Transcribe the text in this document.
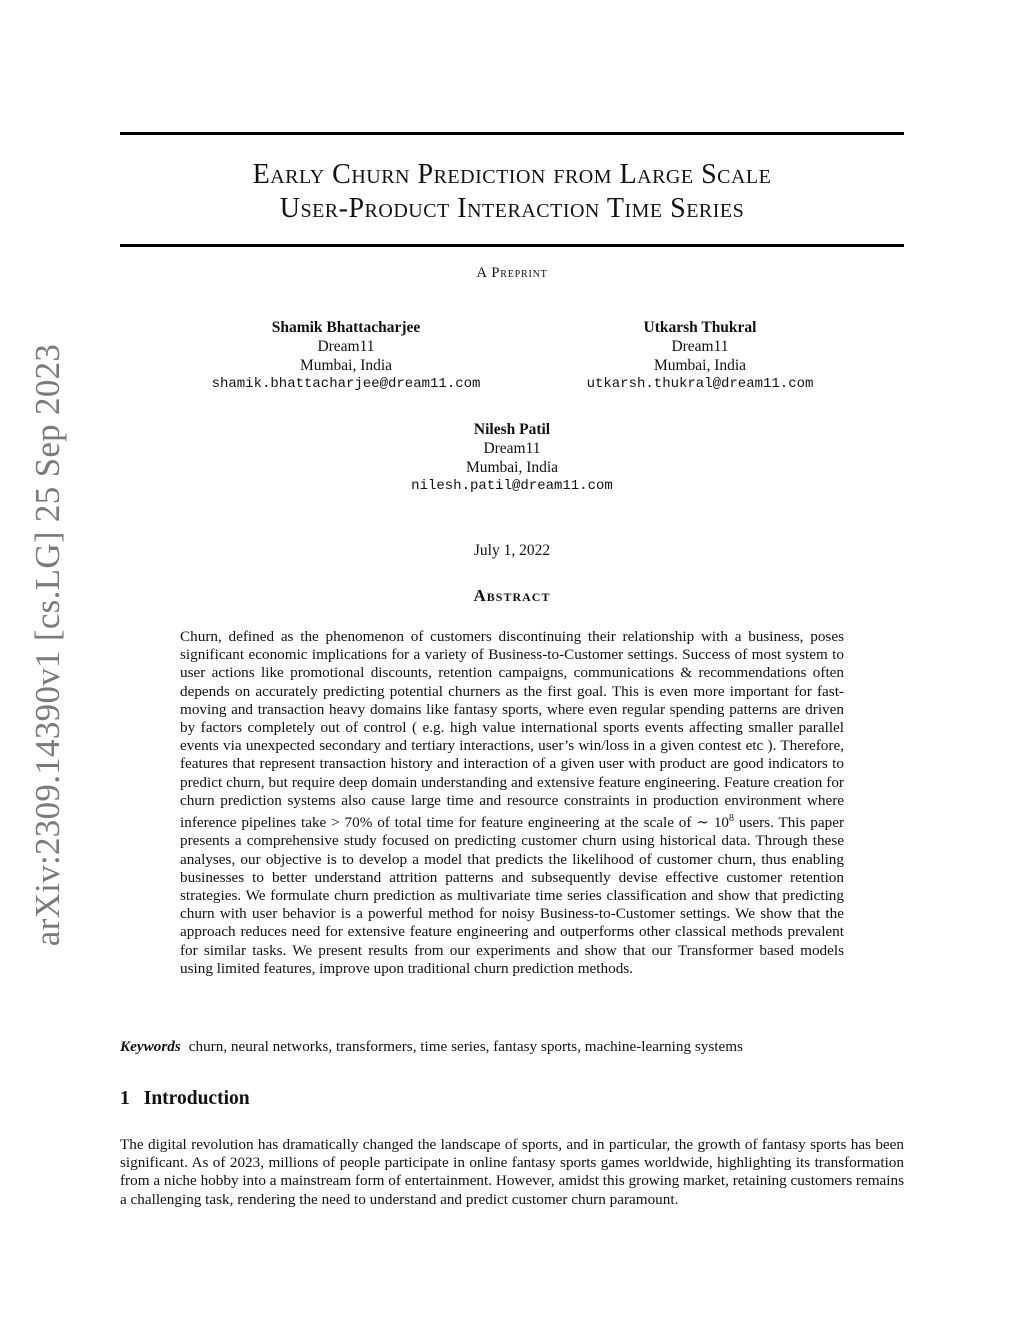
arXiv:2309.14390v1 [cs.LG] 25 Sep 2023
Early Churn Prediction from Large Scale
User-Product Interaction Time Series
A Preprint
Shamik Bhattacharjee
Dream11
Mumbai, India
shamik.bhattacharjee@dream11.com
Utkarsh Thukral
Dream11
Mumbai, India
utkarsh.thukral@dream11.com
Nilesh Patil
Dream11
Mumbai, India
nilesh.patil@dream11.com
July 1, 2022
Abstract
Churn, defined as the phenomenon of customers discontinuing their relationship with a business, poses significant economic implications for a variety of Business-to-Customer settings. Success of most system to user actions like promotional discounts, retention campaigns, communications & recommendations often depends on accurately predicting potential churners as the first goal. This is even more important for fast-moving and transaction heavy domains like fantasy sports, where even regular spending patterns are driven by factors completely out of control ( e.g. high value international sports events affecting smaller parallel events via unexpected secondary and tertiary interactions, user’s win/loss in a given contest etc ). Therefore, features that represent transaction history and interaction of a given user with product are good indicators to predict churn, but require deep domain understanding and extensive feature engineering. Feature creation for churn prediction systems also cause large time and resource constraints in production environment where inference pipelines take > 70% of total time for feature engineering at the scale of ∼ $10^8$ users. This paper presents a comprehensive study focused on predicting customer churn using historical data. Through these analyses, our objective is to develop a model that predicts the likelihood of customer churn, thus enabling businesses to better understand attrition patterns and subsequently devise effective customer retention strategies. We formulate churn prediction as multivariate time series classification and show that predicting churn with user behavior is a powerful method for noisy Business-to-Customer settings. We show that the approach reduces need for extensive feature engineering and outperforms other classical methods prevalent for similar tasks. We present results from our experiments and show that our Transformer based models using limited features, improve upon traditional churn prediction methods.
Keywords churn, neural networks, transformers, time series, fantasy sports, machine-learning systems
1 Introduction
The digital revolution has dramatically changed the landscape of sports, and in particular, the growth of fantasy sports has been significant. As of 2023, millions of people participate in online fantasy sports games worldwide, highlighting its transformation from a niche hobby into a mainstream form of entertainment. However, amidst this growing market, retaining customers remains a challenging task, rendering the need to understand and predict customer churn paramount.
